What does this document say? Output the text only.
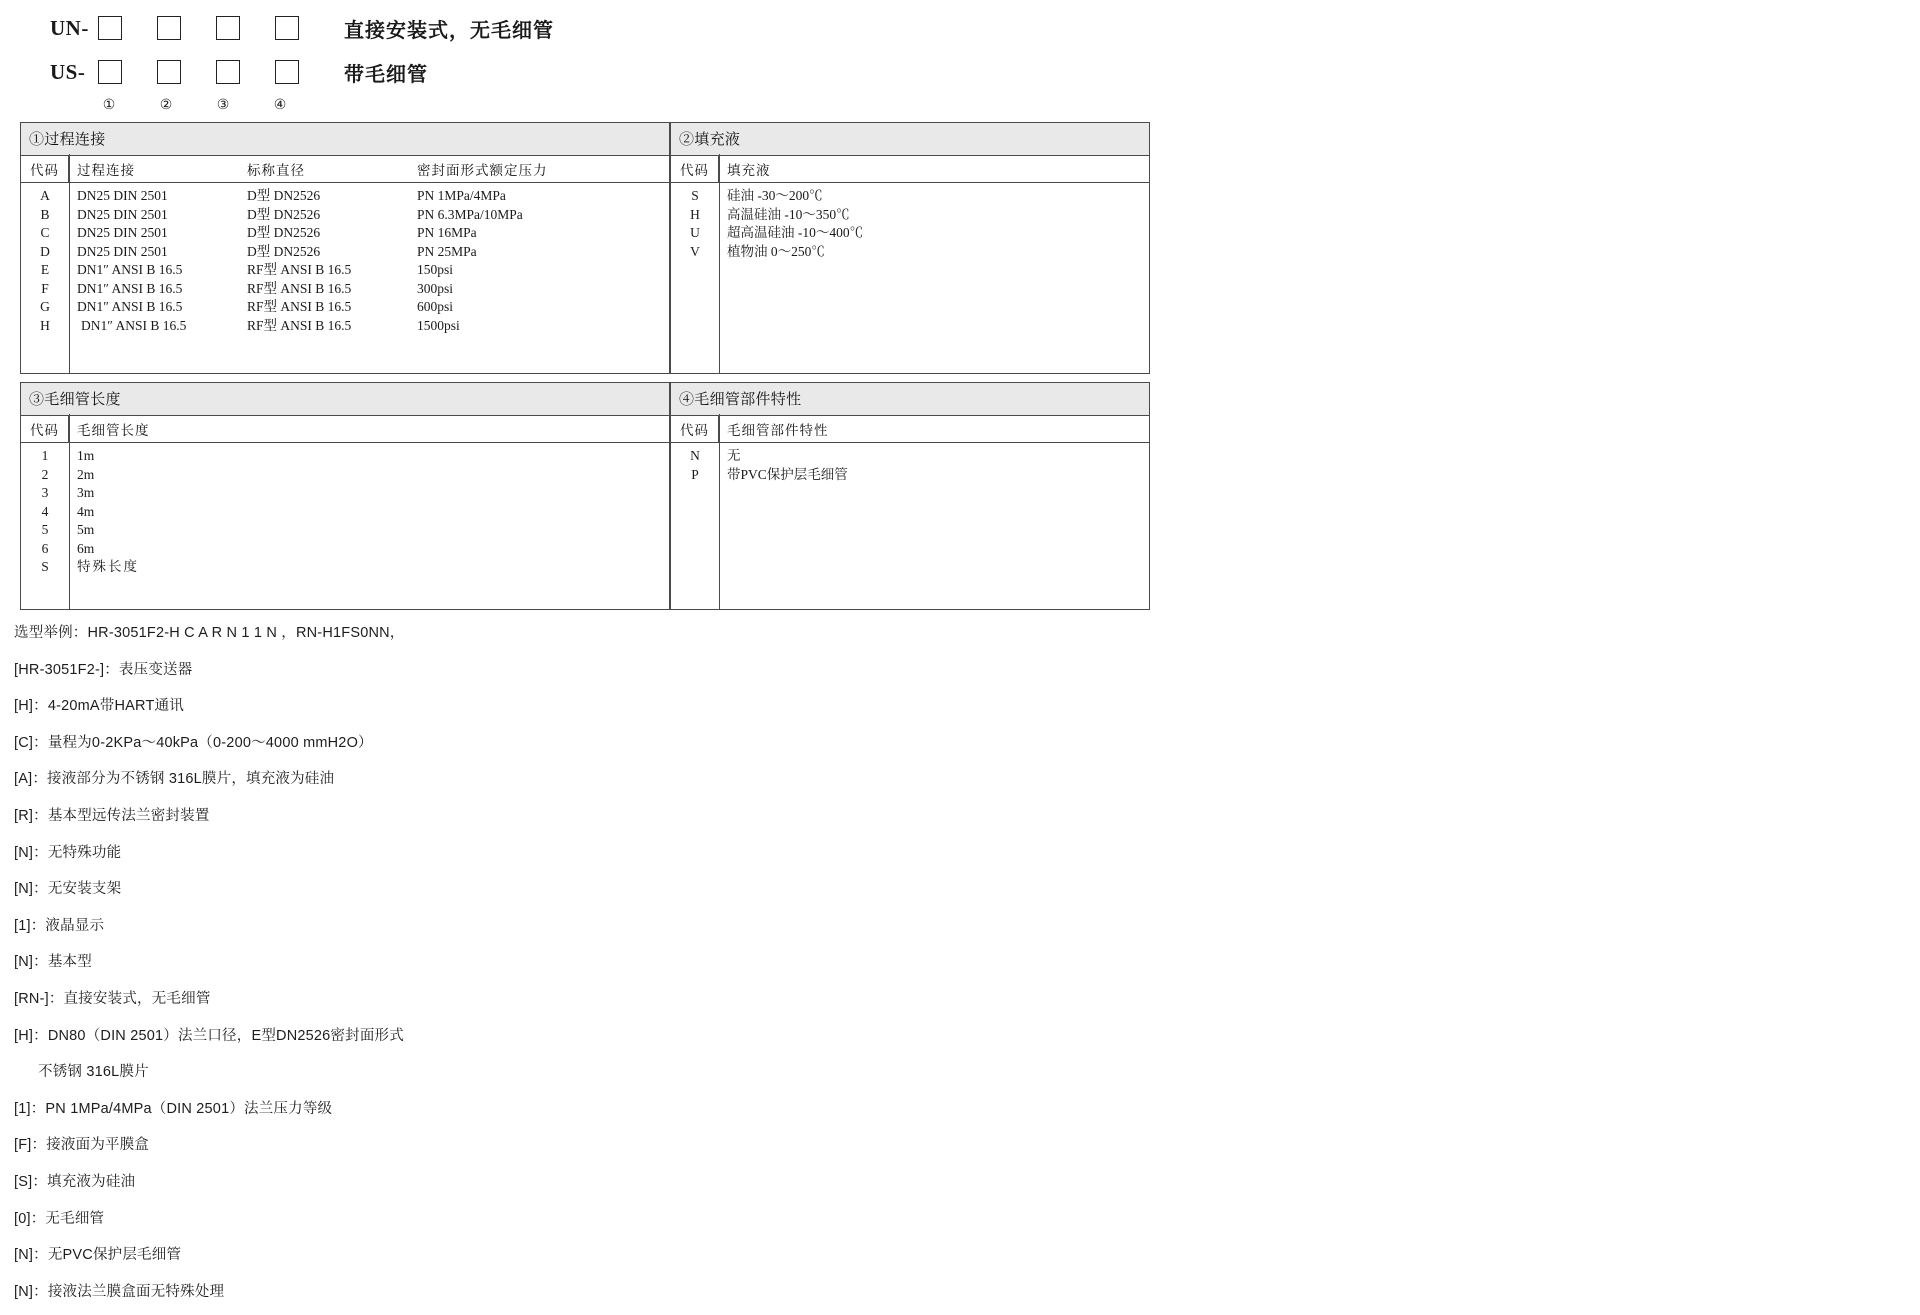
UN-	直接安装式，无毛细管
US-	带毛细管
①	②	③	④
①过程连接
代码	过程连接	标称直径	密封面形式额定压力
A	DN25 DIN 2501	D型 DN2526	PN 1MPa/4MPa
B	DN25 DIN 2501	D型 DN2526	PN 6.3MPa/10MPa
C	DN25 DIN 2501	D型 DN2526	PN 16MPa
D	DN25 DIN 2501	D型 DN2526	PN 25MPa
E	DN1″ ANSI B 16.5	RF型 ANSI B 16.5	150psi
F	DN1″ ANSI B 16.5	RF型 ANSI B 16.5	300psi
G	DN1″ ANSI B 16.5	RF型 ANSI B 16.5	600psi
H	DN1″ ANSI B 16.5	RF型 ANSI B 16.5	1500psi
②填充液
代码	填充液
S	硅油 -30～200℃
H	高温硅油 -10～350℃
U	超高温硅油 -10～400℃
V	植物油 0～250℃
③毛细管长度
代码	毛细管长度
1	1m
2	2m
3	3m
4	4m
5	5m
6	6m
S	特殊长度
④毛细管部件特性
代码	毛细管部件特性
N	无
P	带PVC保护层毛细管
选型举例：HR-3051F2-H C A R N 1 1 N ，RN-H1FS0NN，
[HR-3051F2-]：表压变送器
[H]：4-20mA带HART通讯
[C]：量程为0-2KPa～40kPa（0-200～4000 mmH2O）
[A]：接液部分为不锈钢 316L膜片，填充液为硅油
[R]：基本型远传法兰密封装置
[N]：无特殊功能
[N]：无安装支架
[1]：液晶显示
[N]：基本型
[RN-]：直接安装式，无毛细管
[H]：DN80（DIN 2501）法兰口径，E型DN2526密封面形式
不锈钢 316L膜片
[1]：PN 1MPa/4MPa（DIN 2501）法兰压力等级
[F]：接液面为平膜盒
[S]：填充液为硅油
[0]：无毛细管
[N]：无PVC保护层毛细管
[N]：接液法兰膜盒面无特殊处理
